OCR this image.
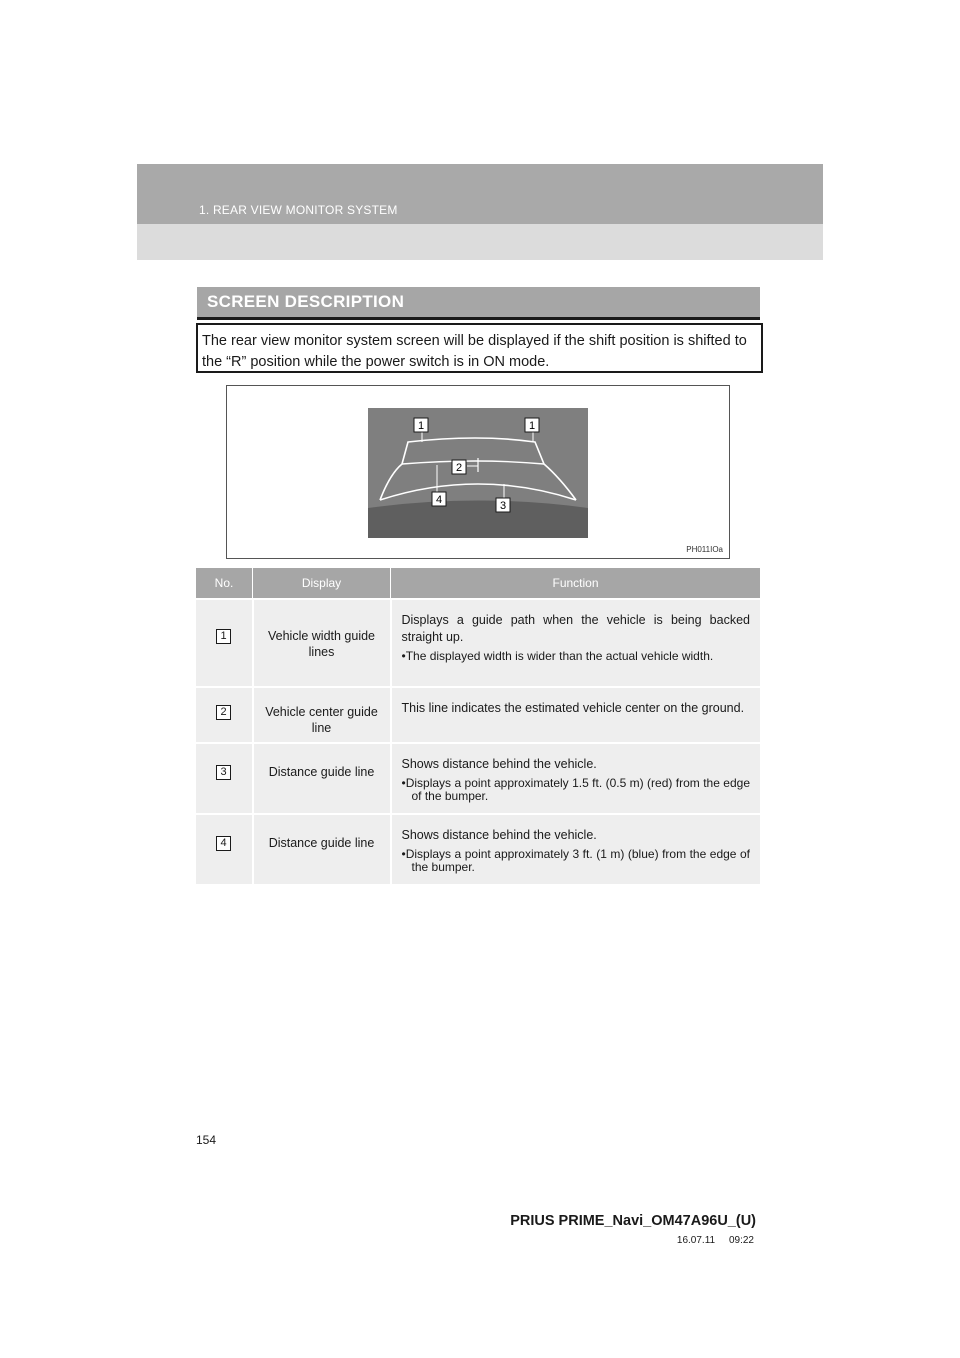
1. REAR VIEW MONITOR SYSTEM
SCREEN DESCRIPTION

The rear view monitor system screen will be displayed if the shift position is shifted to the “R” position while the power switch is in ON mode.

1	1
2
4	3
PH011IOa
No.	Display	Function
1	Vehicle width guide lines	Displays a guide path when the vehicle is being backed straight up.

•The displayed width is wider than the actual vehicle width.

2	Vehicle center guide line	This line indicates the estimated vehicle center on the ground.

3	Distance guide line	Shows distance behind the vehicle.

•Displays a point approximately 1.5 ft. (0.5 m) (red) from the edge of the bumper.

4	Distance guide line	Shows distance behind the vehicle.

•Displays a point approximately 3 ft. (1 m) (blue) from the edge of the bumper.

154
PRIUS PRIME_Navi_OM47A96U_(U)
16.07.11     09:22
